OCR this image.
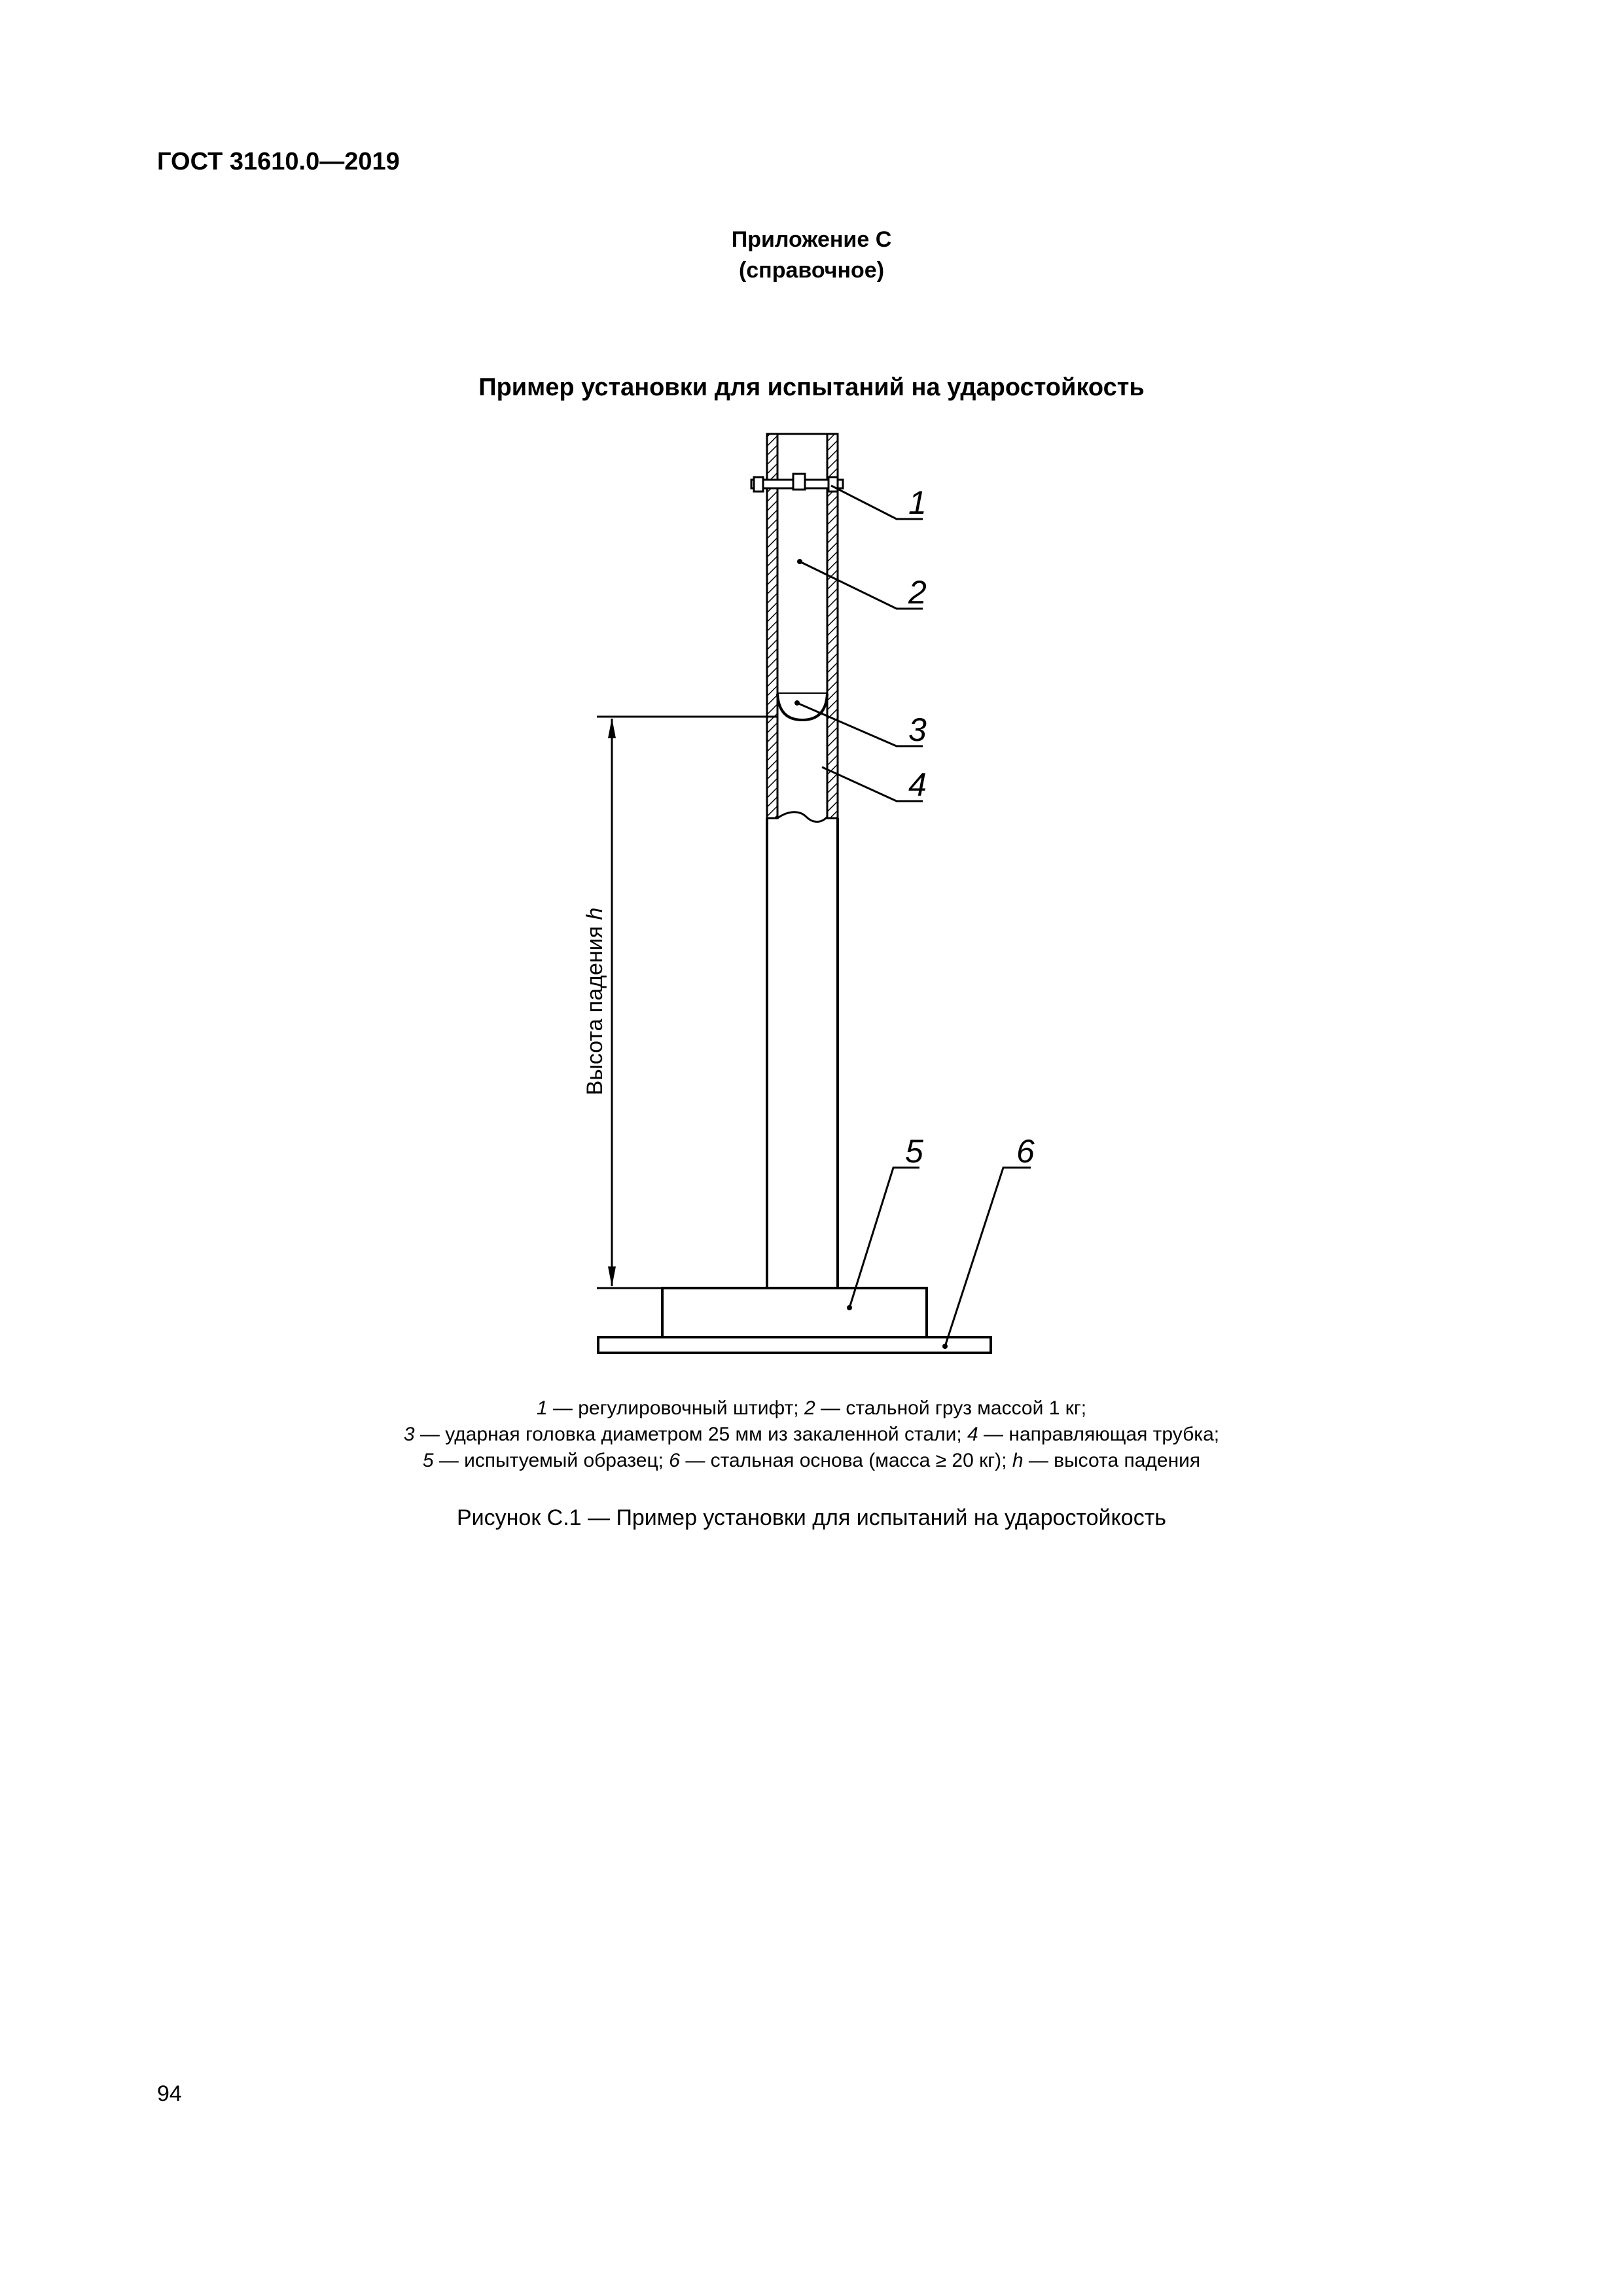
ГОСТ 31610.0—2019
Приложение С
(справочное)
Пример установки для испытаний на ударостойкость
1
2
3
4
5	6
Высота падения h
1 — регулировочный штифт; 2 — стальной груз массой 1 кг;
3 — ударная головка диаметром 25 мм из закаленной стали; 4 — направляющая трубка;
5 — испытуемый образец; 6 — стальная основа (масса ≥ 20 кг); h — высота падения
Рисунок С.1 — Пример установки для испытаний на ударостойкость
94
